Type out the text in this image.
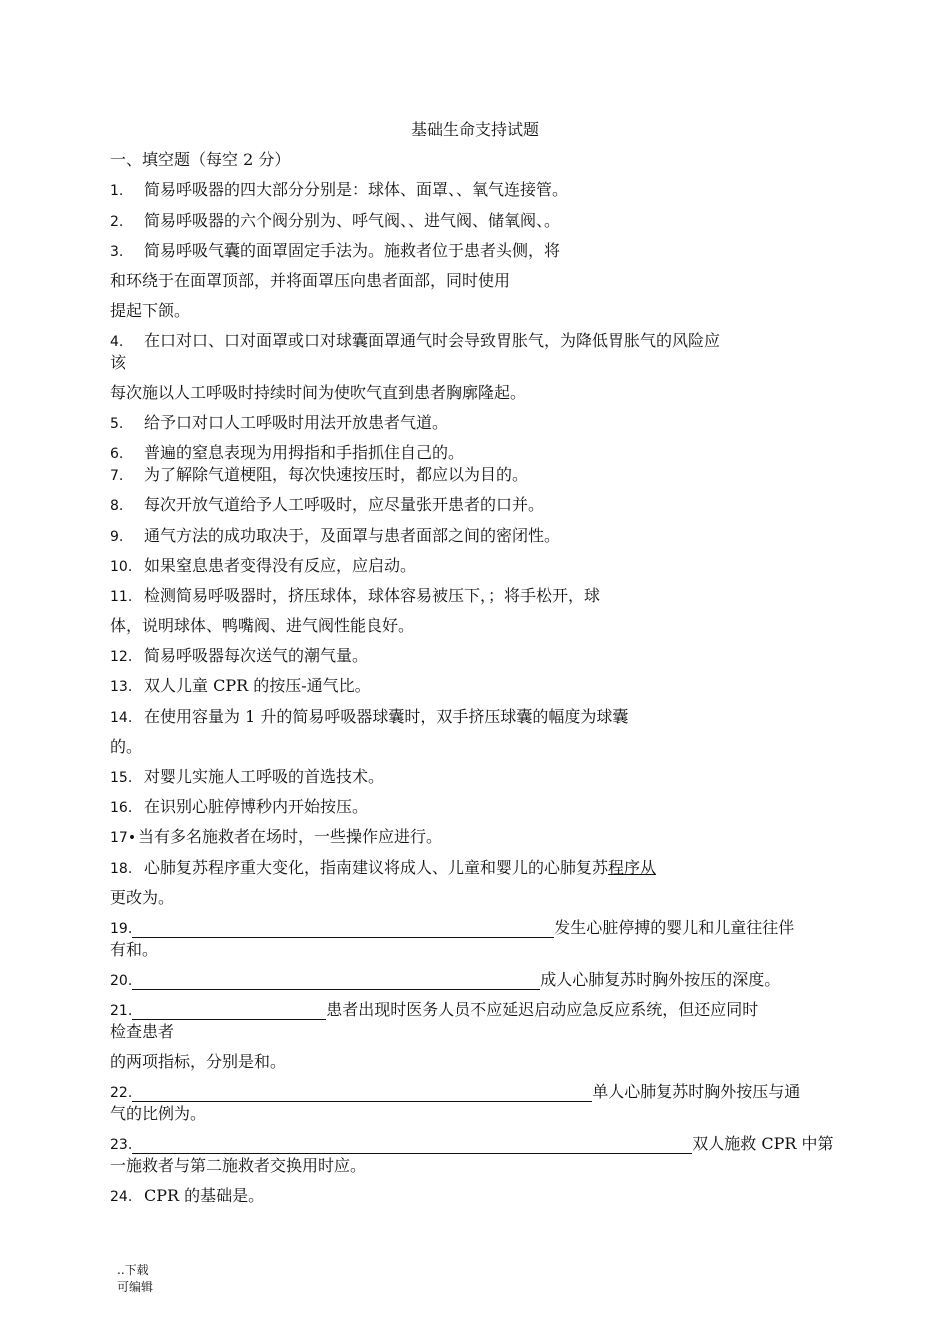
基础生命支持试题
一、填空题（每空 2 分）
1. 简易呼吸器的四大部分分别是：球体、面罩、、氧气连接管。
2. 简易呼吸器的六个阀分别为、呼气阀、、进气阀、储氧阀、。
3. 简易呼吸气囊的面罩固定手法为。施救者位于患者头侧，将
和环绕于在面罩顶部，并将面罩压向患者面部，同时使用
提起下颌。
4. 在口对口、口对面罩或口对球囊面罩通气时会导致胃胀气，为降低胃胀气的风险应
该
每次施以人工呼吸时持续时间为使吹气直到患者胸廓隆起。
5. 给予口对口人工呼吸时用法开放患者气道。
6. 普遍的窒息表现为用拇指和手指抓住自己的。
7. 为了解除气道梗阻，每次快速按压时，都应以为目的。
8. 每次开放气道给予人工呼吸时，应尽量张开患者的口并。
9. 通气方法的成功取决于，及面罩与患者面部之间的密闭性。
10. 如果窒息患者变得没有反应，应启动。
11. 检测简易呼吸器时，挤压球体，球体容易被压下，；将手松开，球
体，说明球体、鸭嘴阀、进气阀性能良好。
12. 简易呼吸器每次送气的潮气量。
13. 双人儿童 CPR 的按压-通气比。
14. 在使用容量为 1 升的简易呼吸器球囊时，双手挤压球囊的幅度为球囊
的。
15. 对婴儿实施人工呼吸的首选技术。
16. 在识别心脏停博秒内开始按压。
17• 当有多名施救者在场时，一些操作应进行。
18. 心肺复苏程序重大变化，指南建议将成人、儿童和婴儿的心肺复苏程序从
更改为。
19.	发生心脏停搏的婴儿和儿童往往伴
有和。
20.	成人心肺复苏时胸外按压的深度。
21.	患者出现时医务人员不应延迟启动应急反应系统，但还应同时
检查患者
的两项指标，分别是和。
22.	单人心肺复苏时胸外按压与通
气的比例为。
23.	双人施救 CPR 中第
一施救者与第二施救者交换用时应。
24. CPR 的基础是。
..下载
可编辑
